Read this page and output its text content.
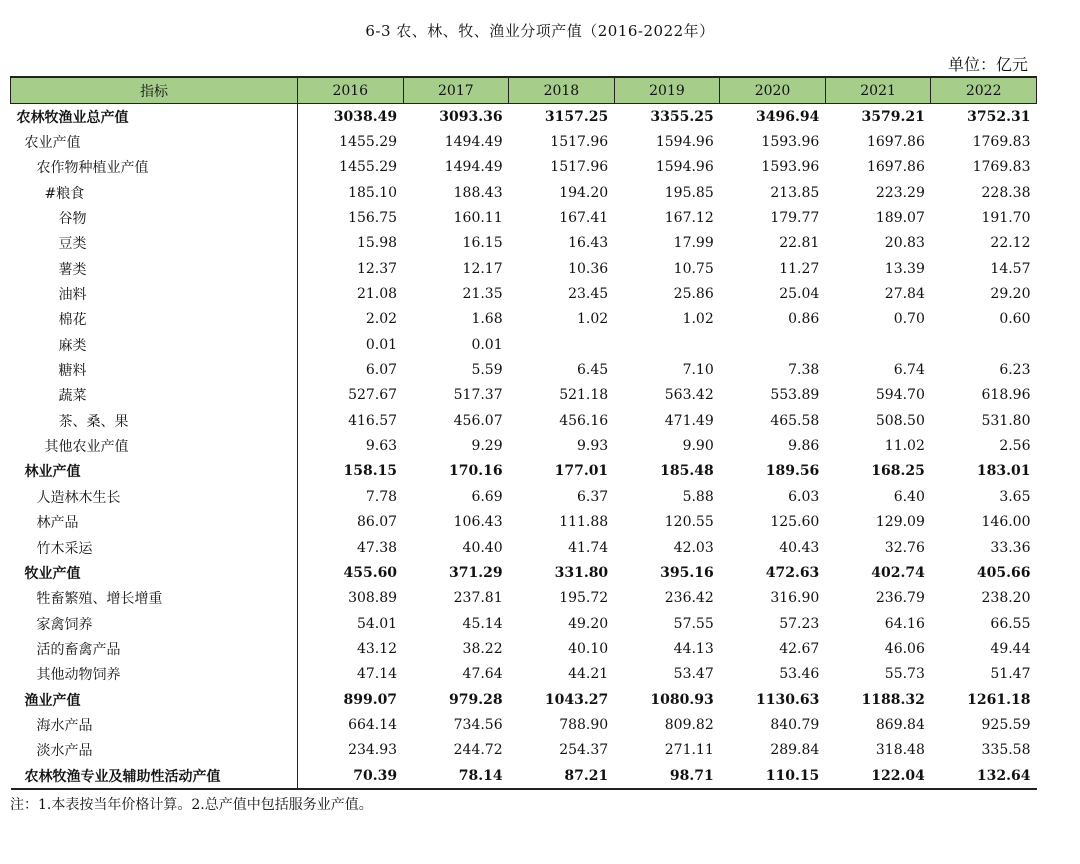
6-3 农、林、牧、渔业分项产值（2016-2022年）
单位：亿元
指标	2016	2017	2018	2019	2020	2021	2022
农林牧渔业总产值	3038.49	3093.36	3157.25	3355.25	3496.94	3579.21	3752.31
农业产值	1455.29	1494.49	1517.96	1594.96	1593.96	1697.86	1769.83
农作物种植业产值	1455.29	1494.49	1517.96	1594.96	1593.96	1697.86	1769.83
#粮食	185.10	188.43	194.20	195.85	213.85	223.29	228.38
谷物	156.75	160.11	167.41	167.12	179.77	189.07	191.70
豆类	15.98	16.15	16.43	17.99	22.81	20.83	22.12
薯类	12.37	12.17	10.36	10.75	11.27	13.39	14.57
油料	21.08	21.35	23.45	25.86	25.04	27.84	29.20
棉花	2.02	1.68	1.02	1.02	0.86	0.70	0.60
麻类	0.01	0.01					
糖料	6.07	5.59	6.45	7.10	7.38	6.74	6.23
蔬菜	527.67	517.37	521.18	563.42	553.89	594.70	618.96
茶、桑、果	416.57	456.07	456.16	471.49	465.58	508.50	531.80
其他农业产值	9.63	9.29	9.93	9.90	9.86	11.02	2.56
林业产值	158.15	170.16	177.01	185.48	189.56	168.25	183.01
人造林木生长	7.78	6.69	6.37	5.88	6.03	6.40	3.65
林产品	86.07	106.43	111.88	120.55	125.60	129.09	146.00
竹木采运	47.38	40.40	41.74	42.03	40.43	32.76	33.36
牧业产值	455.60	371.29	331.80	395.16	472.63	402.74	405.66
牲畜繁殖、增长增重	308.89	237.81	195.72	236.42	316.90	236.79	238.20
家禽饲养	54.01	45.14	49.20	57.55	57.23	64.16	66.55
活的畜禽产品	43.12	38.22	40.10	44.13	42.67	46.06	49.44
其他动物饲养	47.14	47.64	44.21	53.47	53.46	55.73	51.47
渔业产值	899.07	979.28	1043.27	1080.93	1130.63	1188.32	1261.18
海水产品	664.14	734.56	788.90	809.82	840.79	869.84	925.59
淡水产品	234.93	244.72	254.37	271.11	289.84	318.48	335.58
农林牧渔专业及辅助性活动产值	70.39	78.14	87.21	98.71	110.15	122.04	132.64
注：1.本表按当年价格计算。2.总产值中包括服务业产值。
